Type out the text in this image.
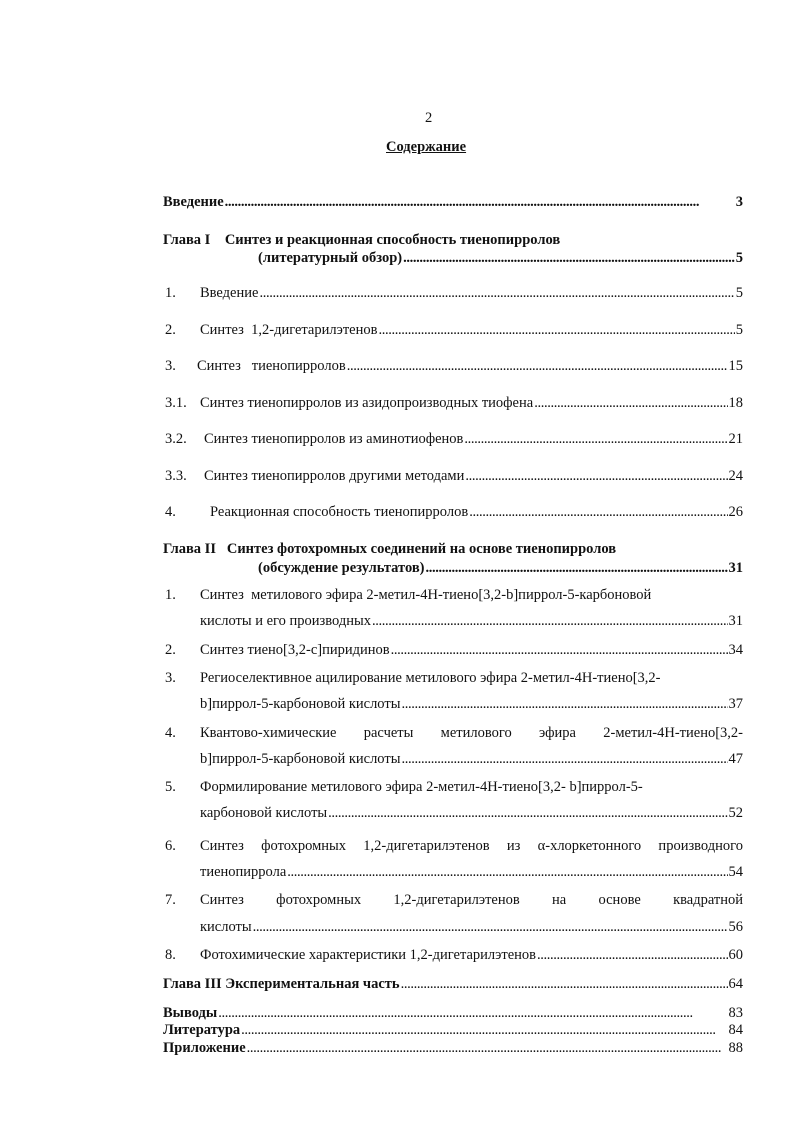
2
Содержание
Введение . . .	3
Глава I    Синтез и реакционная способность тиенопирролов
(литературный обзор) . . .	5
1. Введение . . .	5
2. Синтез  1,2-дигетарилэтенов . . .	5
3. Синтез   тиенопирролов . . .	15
3.1. Синтез тиенопирролов из азидопроизводных тиофена . . .	18
3.2. Синтез тиенопирролов из аминотиофенов . . .	21
3.3. Синтез тиенопирролов другими методами . . .	24
4. Реакционная способность тиенопирролов . . .	26
Глава II   Синтез фотохромных соединений на основе тиенопирролов
(обсуждение результатов) . . .	31
1. Синтез  метилового эфира 2-метил-4Н-тиено[3,2-b]пиррол-5-карбоновой
кислоты и его производных . . .	31
2. Синтез тиено[3,2-с]пиридинов . . .	34
3. Региоселективное ацилирование метилового эфира 2-метил-4H-тиено[3,2-
b]пиррол-5-карбоновой кислоты . . .	37
4. Квантово-химические расчеты метилового эфира 2-метил-4Н-тиено[3,2-
b]пиррол-5-карбоновой кислоты . . .	47
5. Формилирование метилового эфира 2-метил-4H-тиено[3,2- b]пиррол-5-
карбоновой кислоты . . .	52
6. Синтез фотохромных 1,2-дигетарилэтенов из α-хлоркетонного производного
тиенопиррола . . .	54
7. Синтез фотохромных 1,2-дигетарилэтенов на основе квадратной
кислоты . . .	56
8. Фотохимические характеристики 1,2-дигетарилэтенов . . .	60
Глава III Экспериментальная часть . . .	64
Выводы . . .	83
Литература . . .	84
Приложение . . .	88
